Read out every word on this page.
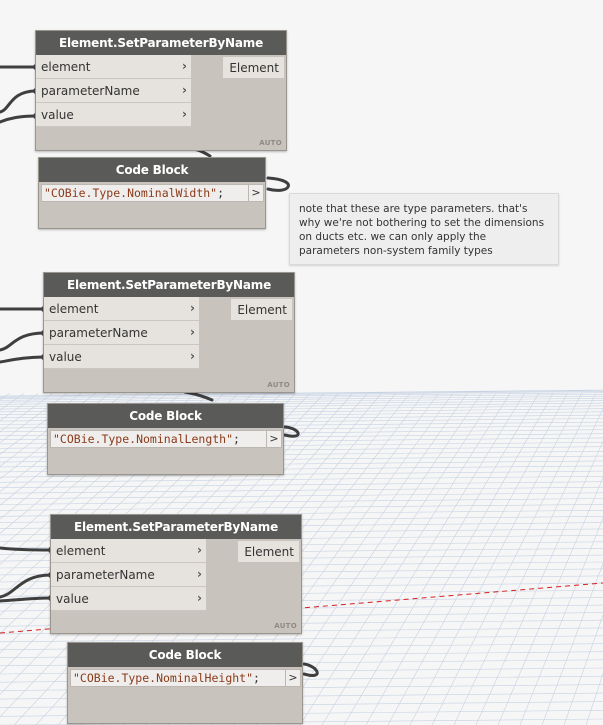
Element.SetParameterByName
element	›
parameterName	›
value	›
Element
AUTO
Code Block
"COBie.Type.NominalWidth";	>
note that these are type parameters. that's why we're not bothering to set the dimensions on ducts etc. we can only apply the parameters non-system family types
Element.SetParameterByName
element	›
parameterName	›
value	›
Element
AUTO
Code Block
"COBie.Type.NominalLength";	>
Element.SetParameterByName
element	›
parameterName	›
value	›
Element
AUTO
Code Block
"COBie.Type.NominalHeight";	>
